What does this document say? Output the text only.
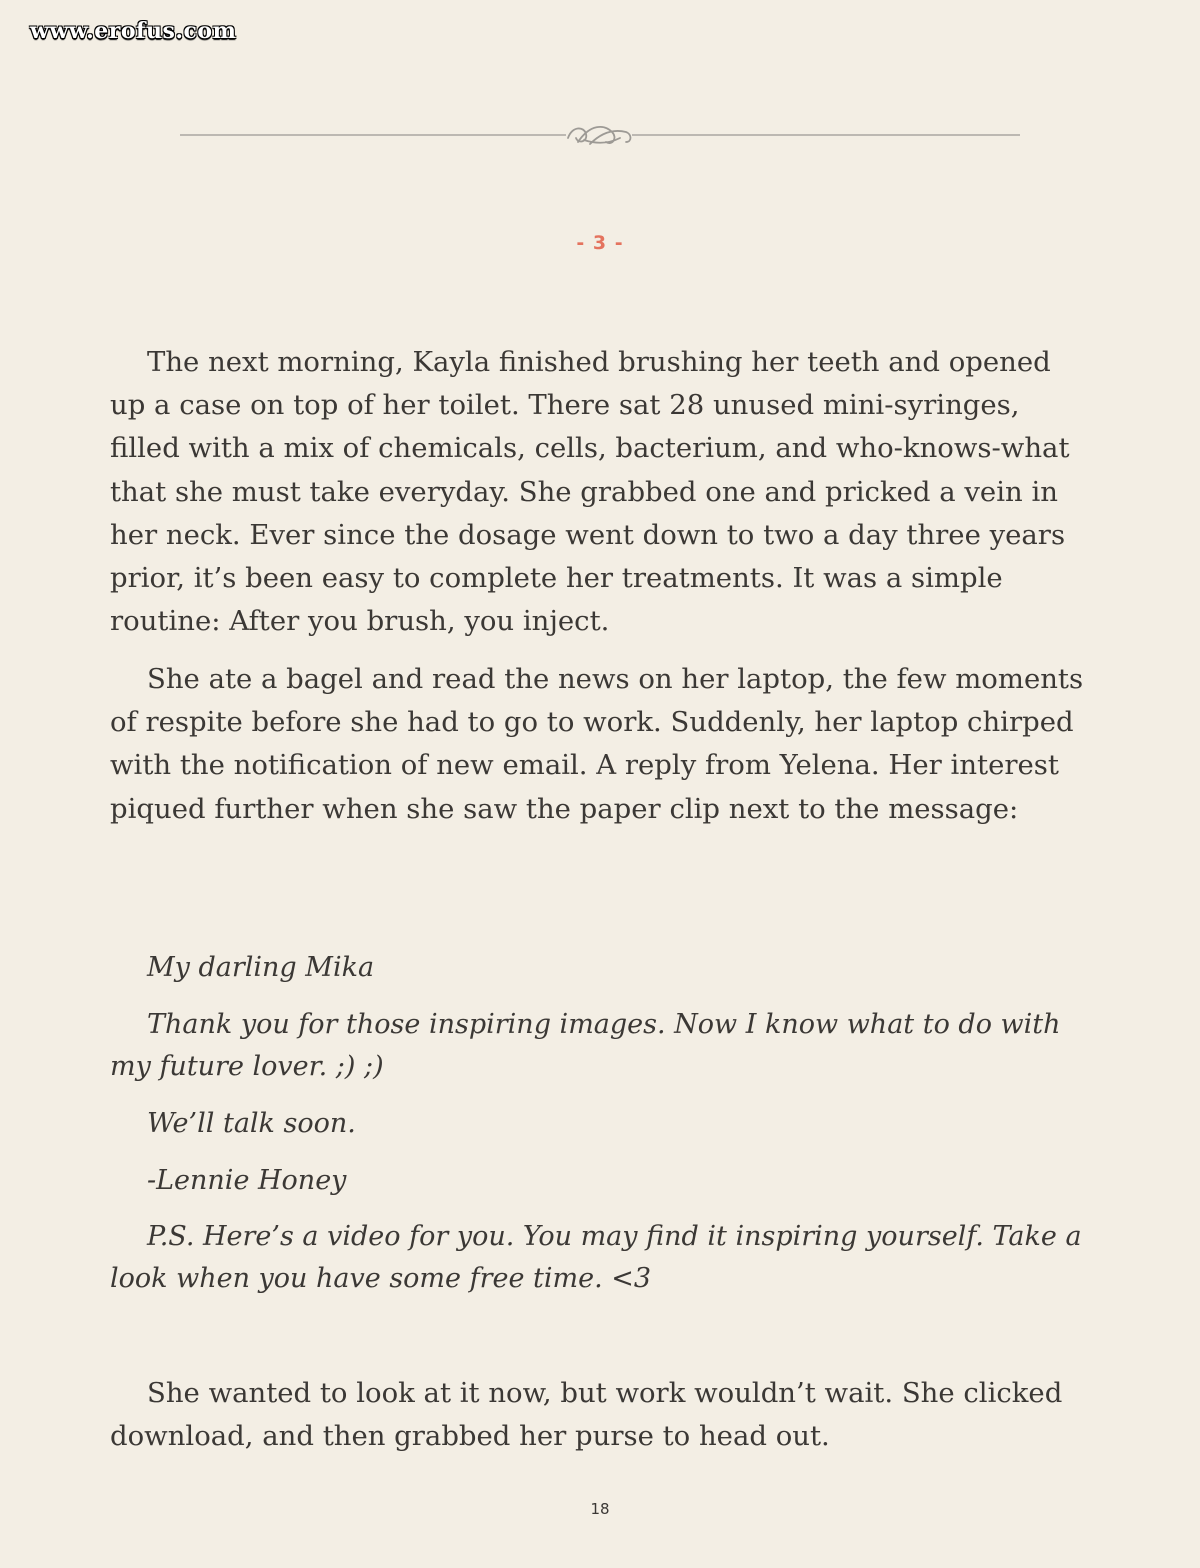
www.erofus.com
- 3 -

The next morning, Kayla finished brushing her teeth and opened up a case on top of her toilet. There sat 28 unused mini-syringes, filled with a mix of chemicals, cells, bacterium, and who-knows-what that she must take everyday. She grabbed one and pricked a vein in her neck. Ever since the dosage went down to two a day three years prior, it’s been easy to complete her treatments. It was a simple routine: After you brush, you inject.

She ate a bagel and read the news on her laptop, the few moments of respite before she had to go to work. Suddenly, her laptop chirped with the notification of new email. A reply from Yelena. Her interest piqued further when she saw the paper clip next to the message:

My darling Mika

Thank you for those inspiring images. Now I know what to do with my future lover. ;) ;)

We’ll talk soon.

-Lennie Honey

P.S. Here’s a video for you. You may find it inspiring yourself. Take a look when you have some free time. <3

She wanted to look at it now, but work wouldn’t wait. She clicked download, and then grabbed her purse to head out.

18
